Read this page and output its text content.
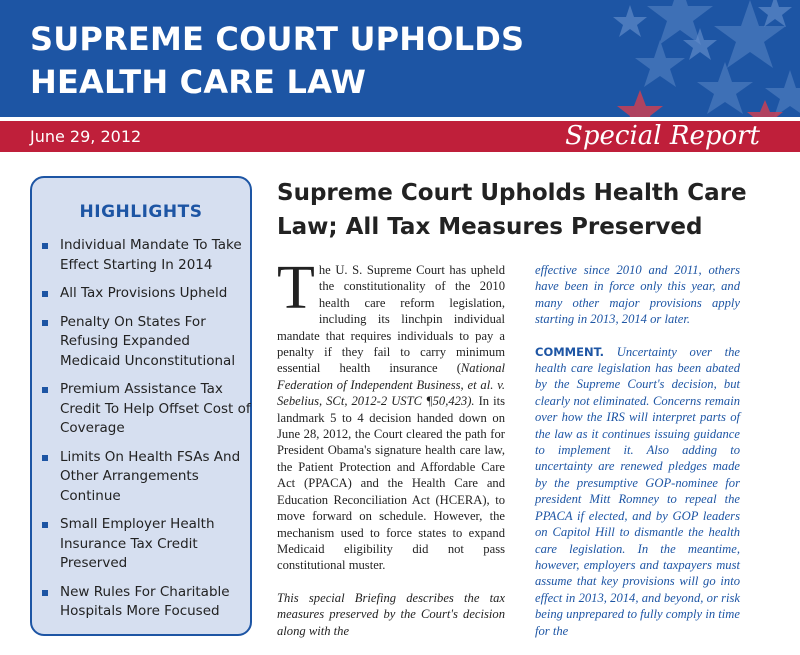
SUPREME COURT UPHOLDS
HEALTH CARE LAW
June 29, 2012	Special Report
HIGHLIGHTS
Individual Mandate To Take Effect Starting In 2014
All Tax Provisions Upheld
Penalty On States For Refusing Expanded Medicaid Unconstitutional
Premium Assistance Tax Credit To Help Offset Cost of Coverage
Limits On Health FSAs And Other Arrangements Continue
Small Employer Health Insurance Tax Credit Preserved
New Rules For Charitable Hospitals More Focused
Supreme Court Upholds Health Care
Law; All Tax Measures Preserved

The U. S. Supreme Court has upheld the constitutionality of the 2010 health care reform legislation, including its linchpin individual mandate that requires individuals to pay a penalty if they fail to carry minimum essential health insurance (National Federation of Independent Business, et al. v. Sebelius, SCt, 2012-2 USTC ¶50,423). In its landmark 5 to 4 decision handed down on June 28, 2012, the Court cleared the path for President Obama's signature health care law, the Patient Protection and Affordable Care Act (PPACA) and the Health Care and Education Reconciliation Act (HCERA), to move forward on schedule. However, the mechanism used to force states to expand Medicaid eligibility did not pass constitutional muster.

This special Briefing describes the tax measures preserved by the Court's decision along with the

effective since 2010 and 2011, others have been in force only this year, and many other major provisions apply starting in 2013, 2014 or later.

COMMENT. Uncertainty over the health care legislation has been abated by the Supreme Court's decision, but clearly not eliminated. Concerns remain over how the IRS will interpret parts of the law as it continues issuing guidance to implement it. Also adding to uncertainty are renewed pledges made by the presumptive GOP-nominee for president Mitt Romney to repeal the PPACA if elected, and by GOP leaders on Capitol Hill to dismantle the health care legislation. In the meantime, however, employers and taxpayers must assume that key provisions will go into effect in 2013, 2014, and beyond, or risk being unprepared to fully comply in time for the
